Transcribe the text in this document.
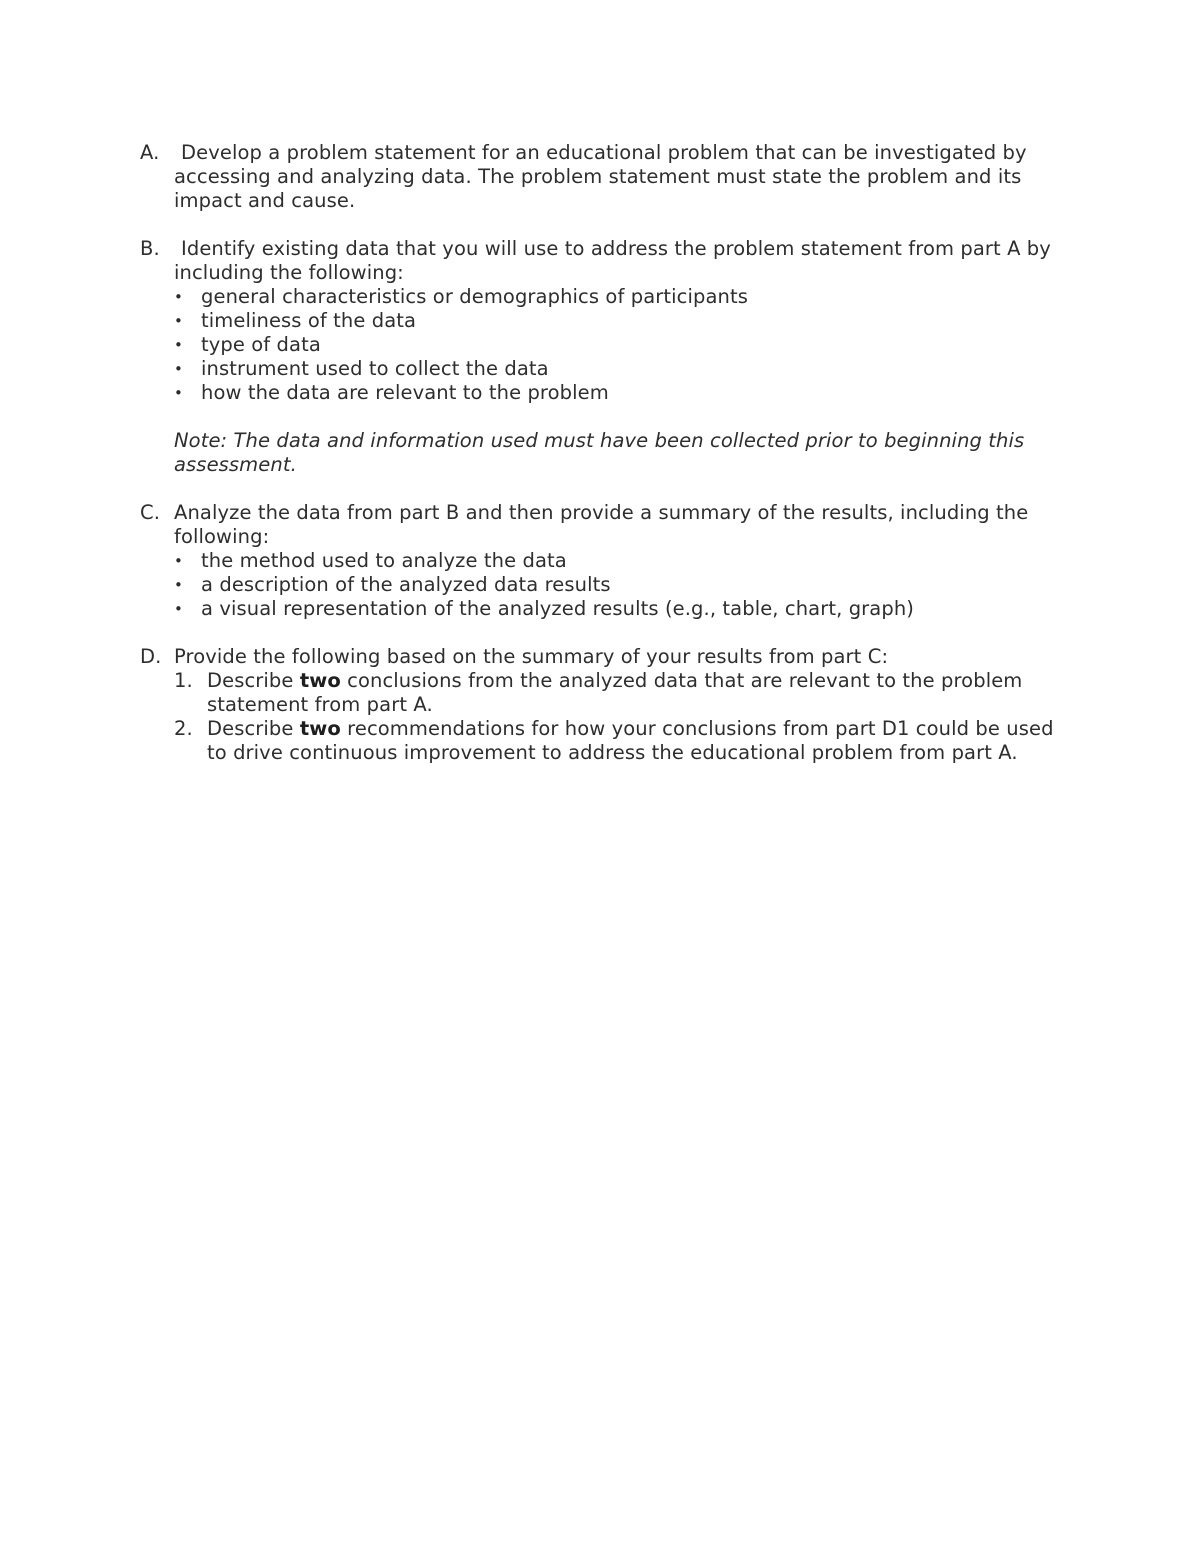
A.	Develop a problem statement for an educational problem that can be investigated by accessing and analyzing data. The problem statement must state the problem and its impact and cause.
B.	Identify existing data that you will use to address the problem statement from part A by including the following:
• general characteristics or demographics of participants
• timeliness of the data
• type of data
• instrument used to collect the data
• how the data are relevant to the problem
Note: The data and information used must have been collected prior to beginning this assessment.
C. Analyze the data from part B and then provide a summary of the results, including the following:
• the method used to analyze the data
• a description of the analyzed data results
• a visual representation of the analyzed results (e.g., table, chart, graph)
D. Provide the following based on the summary of your results from part C:
1. Describe two conclusions from the analyzed data that are relevant to the problem statement from part A.
2. Describe two recommendations for how your conclusions from part D1 could be used to drive continuous improvement to address the educational problem from part A.
